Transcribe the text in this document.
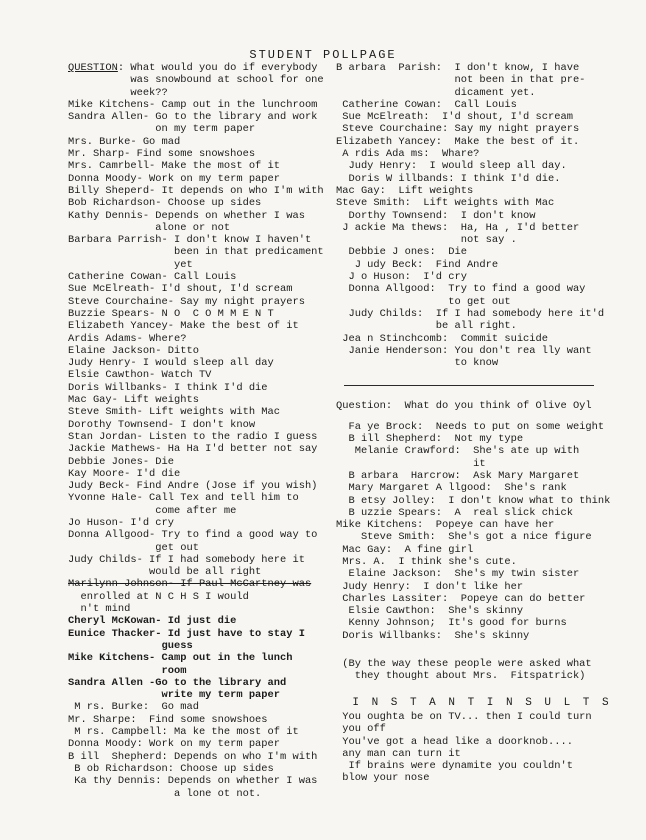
STUDENT POLLPAGE
QUESTION: What would you do if everybody
was snowbound at school for one
week??
Mike Kitchens- Camp out in the lunchroom
Sandra Allen- Go to the library and work
on my term paper
Mrs. Burke- Go mad
Mr. Sharp- Find some snowshoes
Mrs. Camrbell- Make the most of it
Donna Moody- Work on my term paper
Billy Sheperd- It depends on who I'm with
Bob Richardson- Choose up sides
Kathy Dennis- Depends on whether I was
alone or not
Barbara Parrish- I don't know I haven't
been in that predicament
yet
Catherine Cowan- Call Louis
Sue McElreath- I'd shout, I'd scream
Steve Courchaine- Say my night prayers
Buzzie Spears- N O  C O M M E N T
Elizabeth Yancey- Make the best of it
Ardis Adams- Where?
Elaine Jackson- Ditto
Judy Henry- I would sleep all day
Elsie Cawthon- Watch TV
Doris Willbanks- I think I'd die
Mac Gay- Lift weights
Steve Smith- Lift weights with Mac
Dorothy Townsend- I don't know
Stan Jordan- Listen to the radio I guess
Jackie Mathews- Ha Ha I'd better not say
Debbie Jones- Die
Kay Moore- I'd die
Judy Beck- Find Andre (Jose if you wish)
Yvonne Hale- Call Tex and tell him to
come after me
Jo Huson- I'd cry
Donna Allgood- Try to find a good way to
get out
Judy Childs- If I had somebody here it
would be all right
Marilynn Johnson- If Paul McCartney was
enrolled at N C H S I would
n't mind
Cheryl McKowan- Id just die
Eunice Thacker- Id just have to stay I
guess
Mike Kitchens- Camp out in the lunch
room
Sandra Allen -Go to the library and
write my term paper
M rs. Burke:  Go mad
Mr. Sharpe:  Find some snowshoes
M rs. Campbell: Ma ke the most of it
Donna Moody: Work on my term paper
B ill  Shepherd: Depends on who I'm with
B ob Richardson: Choose up sides
Ka thy Dennis: Depends on whether I was
a lone ot not.
B arbara  Parish:  I don't know, I have
not been in that pre-
dicament yet.
Catherine Cowan:  Call Louis
Sue McElreath:  I'd shout, I'd scream
Steve Courchaine: Say my night prayers
Elizabeth Yancey:  Make the best of it.
A rdis Ada ms:  Whare?
Judy Henry:  I would sleep all day.
Doris W illbands: I think I'd die.
Mac Gay:  Lift weights
Steve Smith:  Lift weights with Mac
Dorthy Townsend:  I don't know
J ackie Ma thews:  Ha, Ha , I'd better
not say .
Debbie J ones:  Die
J udy Beck:  Find Andre
J o Huson:  I'd cry
Donna Allgood:  Try to find a good way
to get out
Judy Childs:  If I had somebody here it'd
be all right.
Jea n Stinchcomb:  Commit suicide
Janie Henderson: You don't rea lly want
to know
Question:  What do you think of Olive Oyl
Fa ye Brock:  Needs to put on some weight
B ill Shepherd:  Not my type
Melanie Crawford:  She's ate up with
it
B arbara  Harcrow:  Ask Mary Margaret
Mary Margaret A llgood:  She's rank
B etsy Jolley:  I don't know what to think
B uzzie Spears:  A  real slick chick
Mike Kitchens:  Popeye can have her
Steve Smith:  She's got a nice figure
Mac Gay:  A fine girl
Mrs. A.  I think she's cute.
Elaine Jackson:  She's my twin sister
Judy Henry:  I don't like her
Charles Lassiter:  Popeye can do better
Elsie Cawthon:  She's skinny
Kenny Johnson;  It's good for burns
Doris Willbanks:  She's skinny
(By the way these people were asked what
they thought about Mrs.  Fitspatrick)
I N S T A N T I N S U L T S
You oughta be on TV... then I could turn
you off
You've got a head like a doorknob....
any man can turn it
If brains were dynamite you couldn't
blow your nose
